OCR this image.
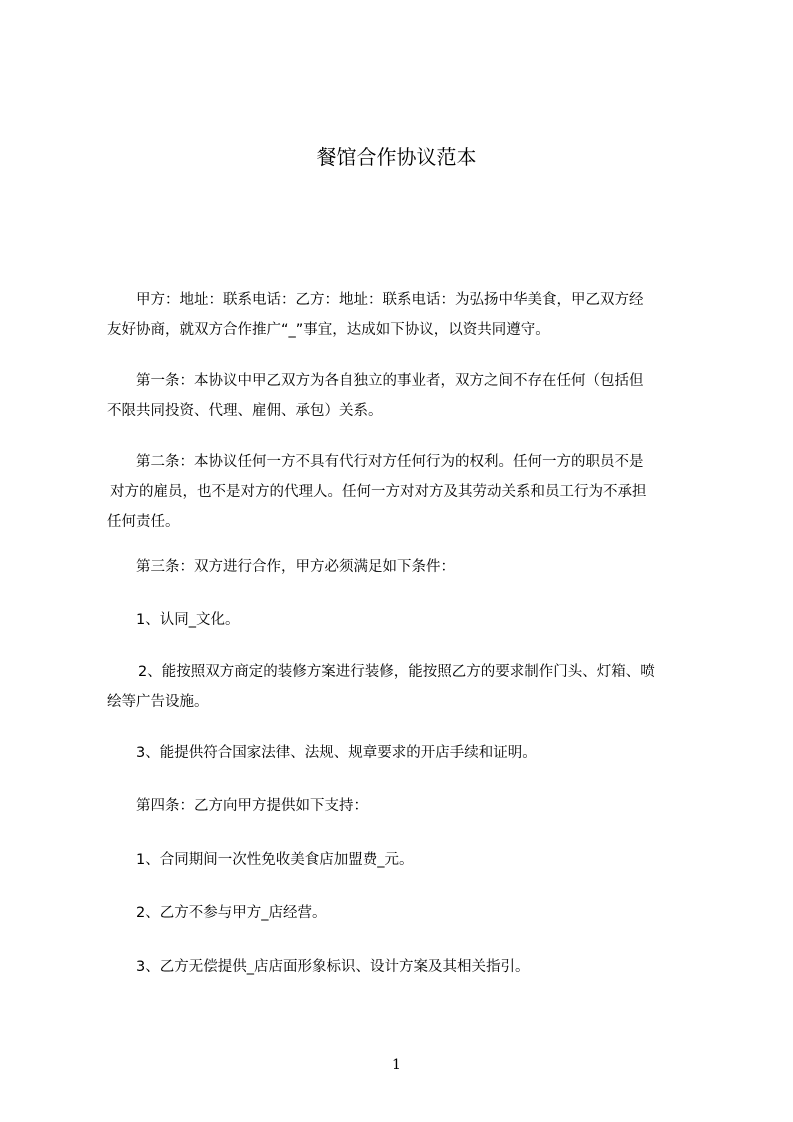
餐馆合作协议范本
甲方：地址：联系电话：乙方：地址：联系电话：为弘扬中华美食，甲乙双方经
友好协商，就双方合作推广“_”事宜，达成如下协议，以资共同遵守。
第一条：本协议中甲乙双方为各自独立的事业者，双方之间不存在任何（包括但
不限共同投资、代理、雇佣、承包）关系。
第二条：本协议任何一方不具有代行对方任何行为的权利。任何一方的职员不是
对方的雇员，也不是对方的代理人。任何一方对对方及其劳动关系和员工行为不承担
任何责任。
第三条：双方进行合作，甲方必须满足如下条件：
1、认同_文化。
2、能按照双方商定的装修方案进行装修，能按照乙方的要求制作门头、灯箱、喷
绘等广告设施。
3、能提供符合国家法律、法规、规章要求的开店手续和证明。
第四条：乙方向甲方提供如下支持：
1、合同期间一次性免收美食店加盟费_元。
2、乙方不参与甲方_店经营。
3、乙方无偿提供_店店面形象标识、设计方案及其相关指引。
1
